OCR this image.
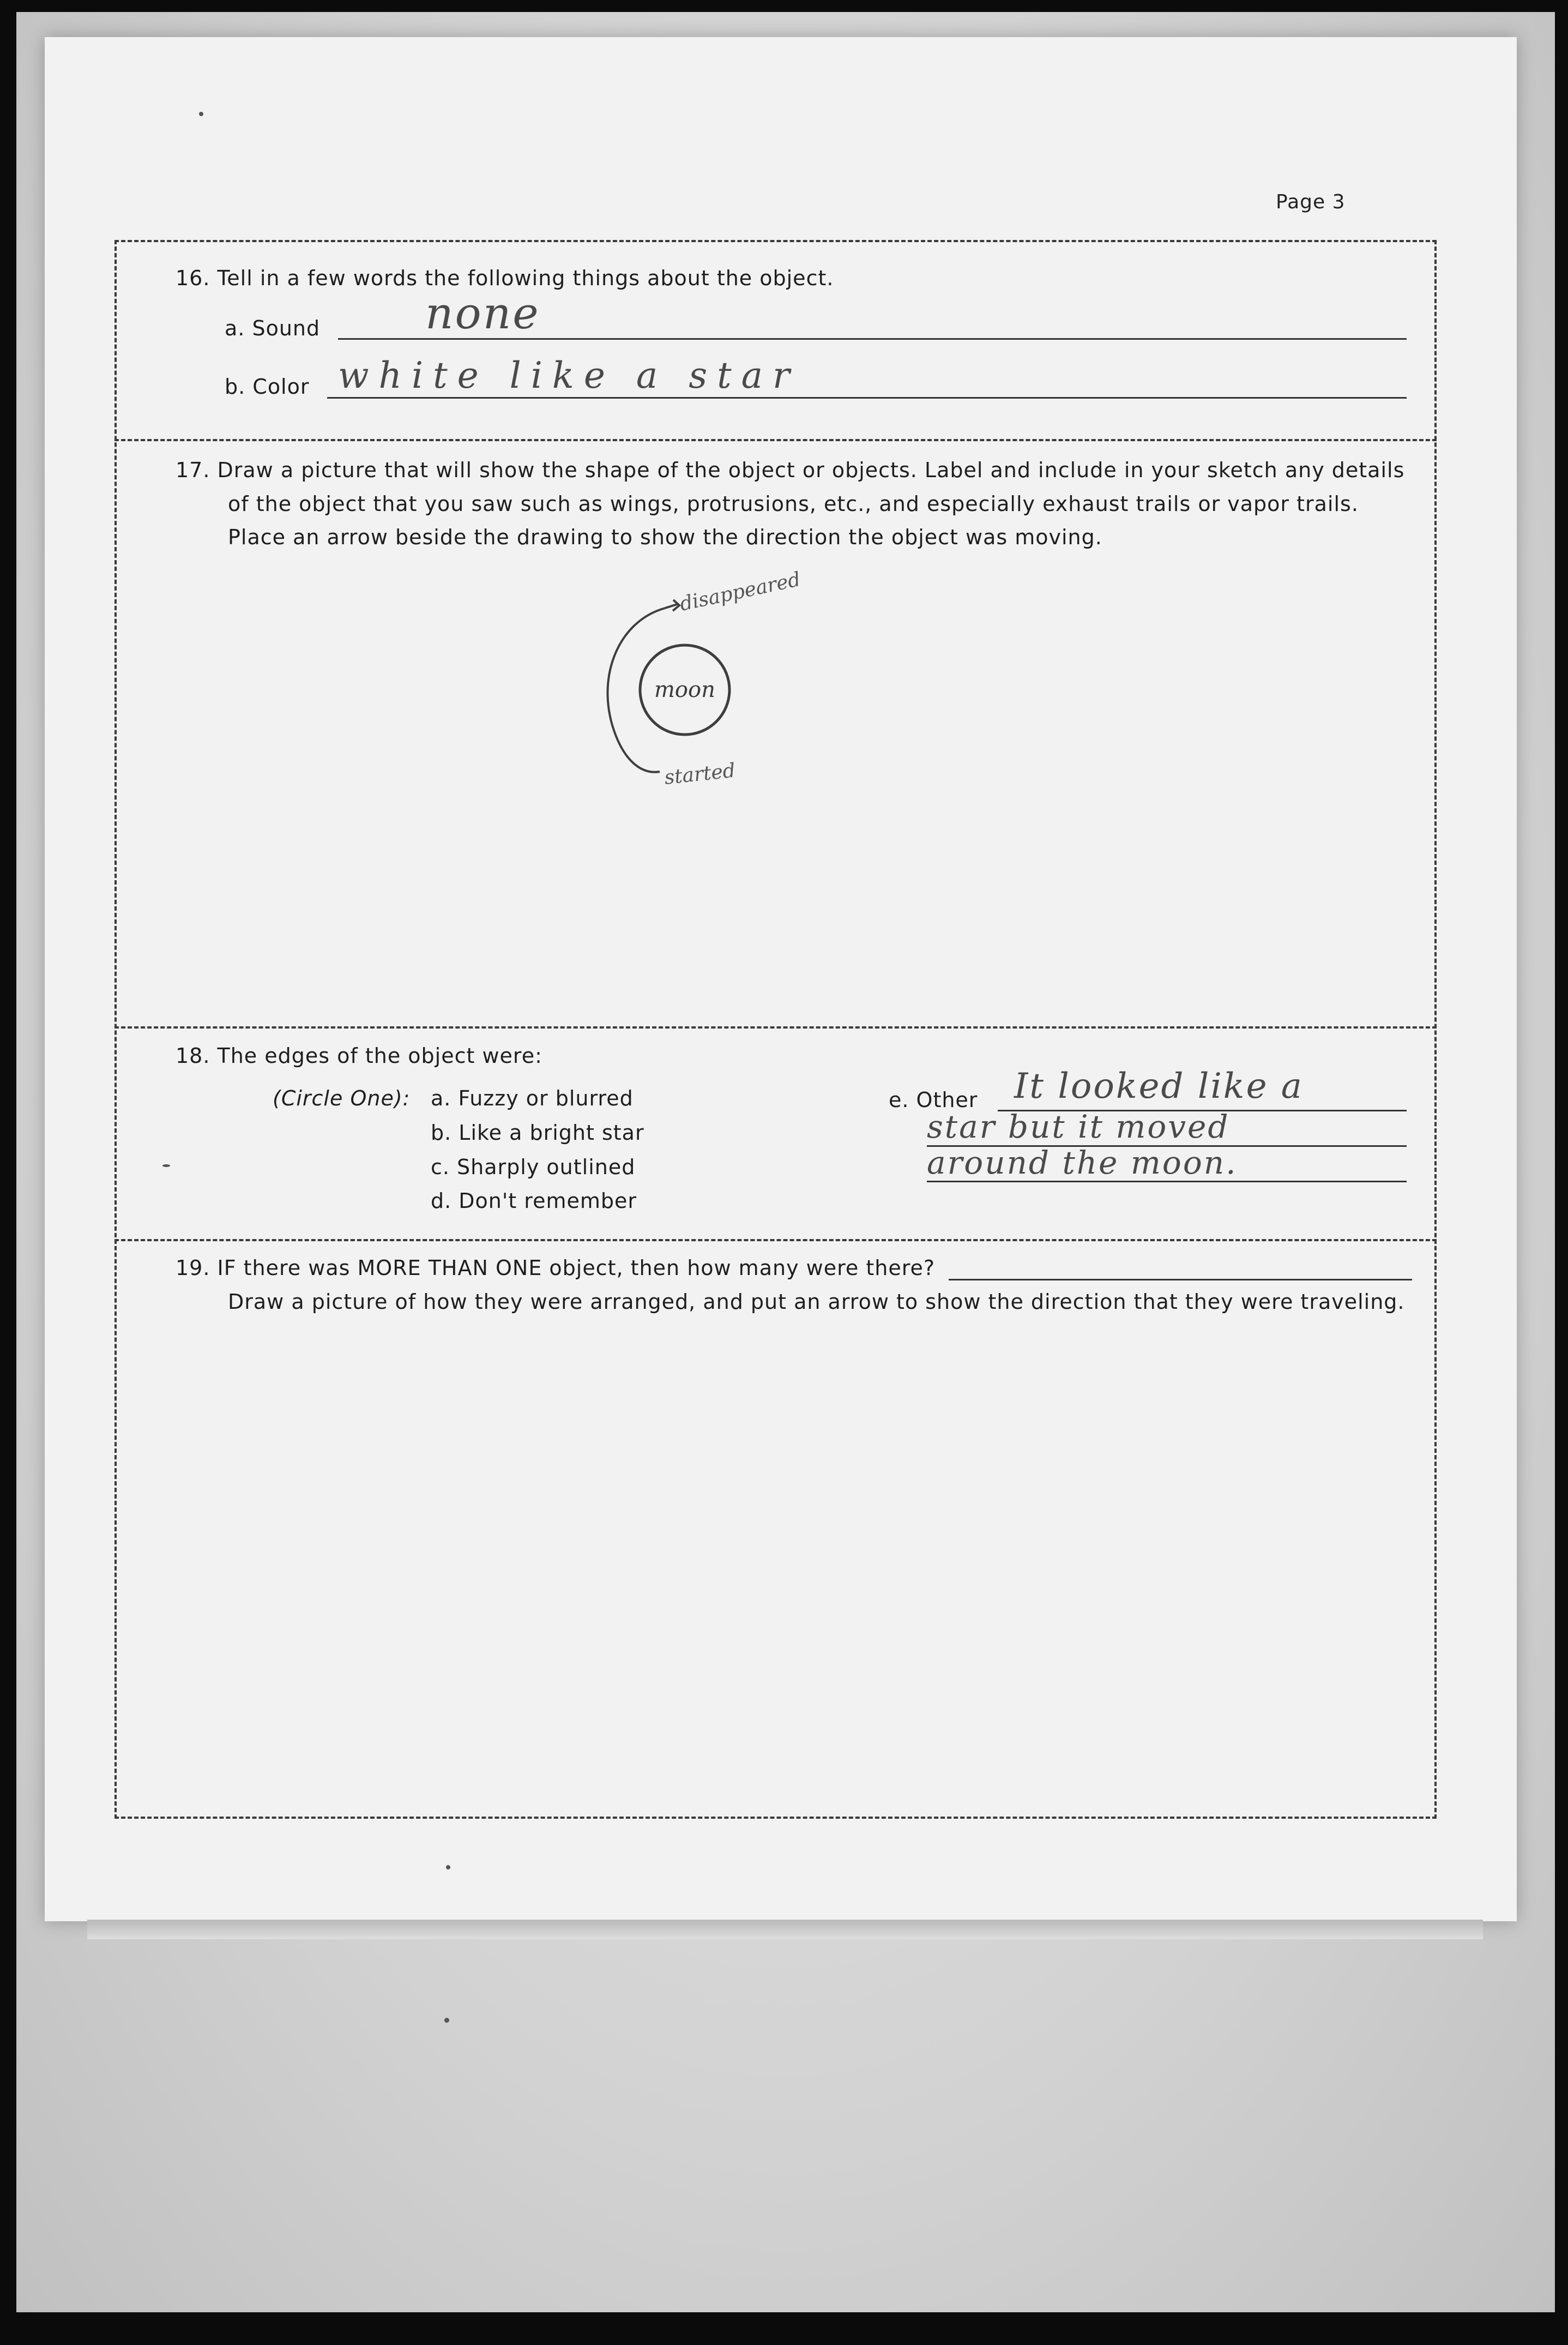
Page 3
16. Tell in a few words the following things about the object.
a. Sound none
b. Color white like a star
17. Draw a picture that will show the shape of the object or objects. Label and include in your sketch any details
of the object that you saw such as wings, protrusions, etc., and especially exhaust trails or vapor trails.
Place an arrow beside the drawing to show the direction the object was moving.
moon
disappeared
started
18. The edges of the object were:
(Circle One): a. Fuzzy or blurred
b. Like a bright star
c. Sharply outlined
d. Don't remember
e. Other It looked like a
star but it moved
around the moon.
19. IF there was MORE THAN ONE object, then how many were there?
Draw a picture of how they were arranged, and put an arrow to show the direction that they were traveling.
